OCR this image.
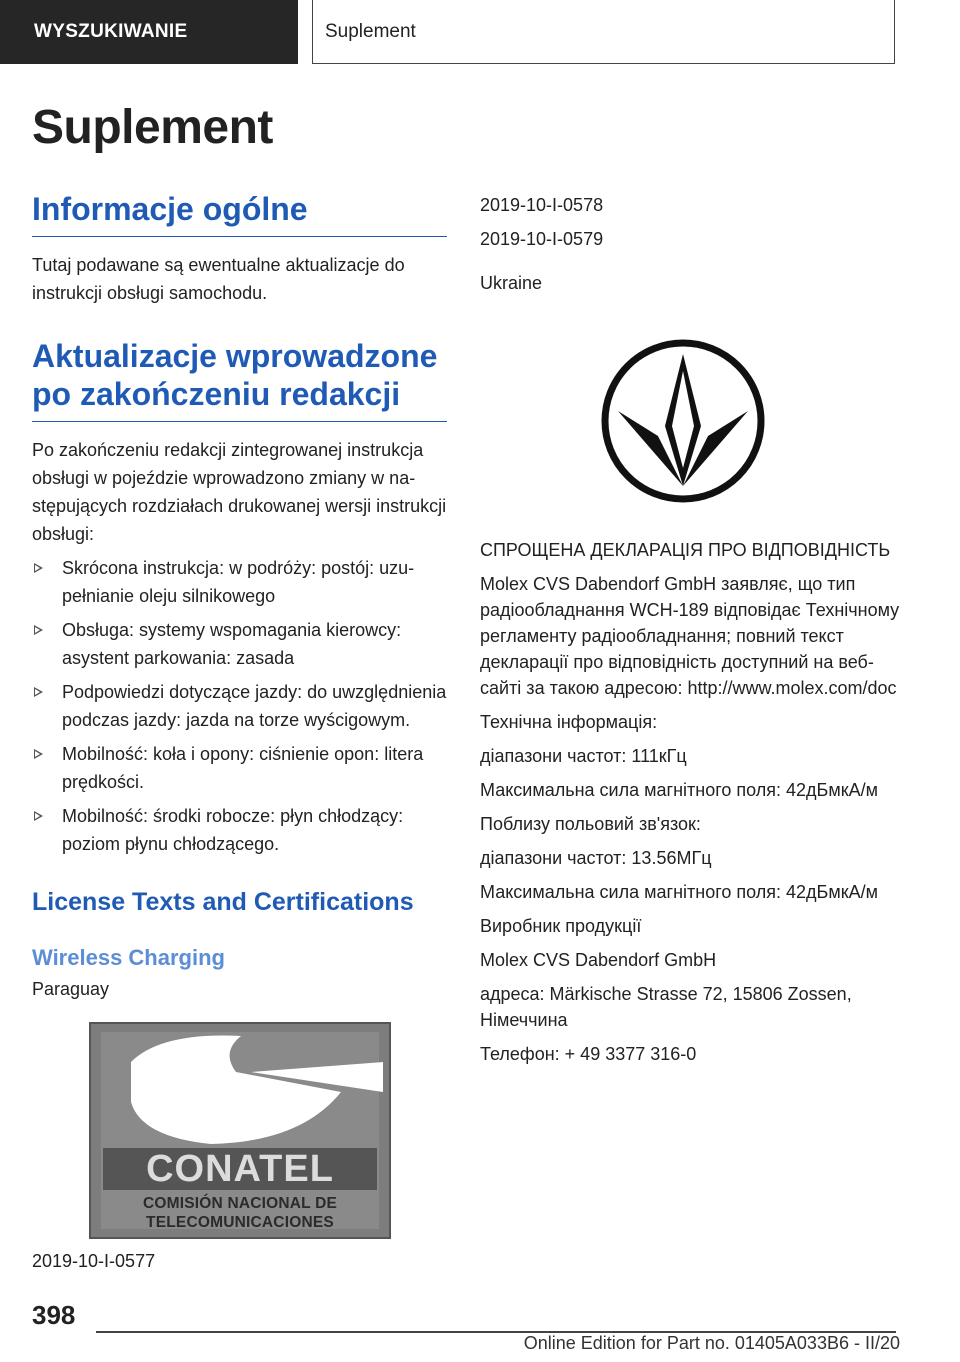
WYSZUKIWANIE	Suplement
Suplement
Informacje ogólne

Tutaj podawane są ewentualne aktualizacje do instrukcji obsługi samochodu.

Aktualizacje wprowadzone po zakończeniu redakcji

Po zakończeniu redakcji zintegrowanej instrukcja obsługi w pojeździe wprowadzono zmiany w następujących rozdziałach drukowanej wersji instrukcji obsługi:

Skrócona instrukcja: w podróży: postój: uzupełnianie oleju silnikowego
Obsługa: systemy wspomagania kierowcy: asystent parkowania: zasada
Podpowiedzi dotyczące jazdy: do uwzględnienia podczas jazdy: jazda na torze wyścigowym.
Mobilność: koła i opony: ciśnienie opon: litera prędkości.
Mobilność: środki robocze: płyn chłodzący: poziom płynu chłodzącego.
License Texts and Certifications
Wireless Charging

Paraguay

CONATEL
COMISIÓN NACIONAL DE TELECOMUNICACIONES

2019-10-I-0577

2019-10-I-0578

2019-10-I-0579

Ukraine

СПРОЩЕНА ДЕКЛАРАЦІЯ ПРО ВІДПОВІДНІСТЬ

Molex CVS Dabendorf GmbH заявляє, що тип радіообладнання WCH-189 відповідає Технічному регламенту радіообладнання; повний текст декларації про відповідність доступний на веб-сайті за такою адресою: http://www.molex.com/doc

Технічна інформація:

діапазони частот: 111кГц

Максимальна сила магнітного поля: 42дБмкА/м

Поблизу польовий зв'язок:

діапазони частот: 13.56МГц

Максимальна сила магнітного поля: 42дБмкА/м

Виробник продукції

Molex CVS Dabendorf GmbH

адреса: Märkische Strasse 72, 15806 Zossen, Німеччина

Телефон: + 49 3377 316-0

398

Online Edition for Part no. 01405A033B6 - II/20
